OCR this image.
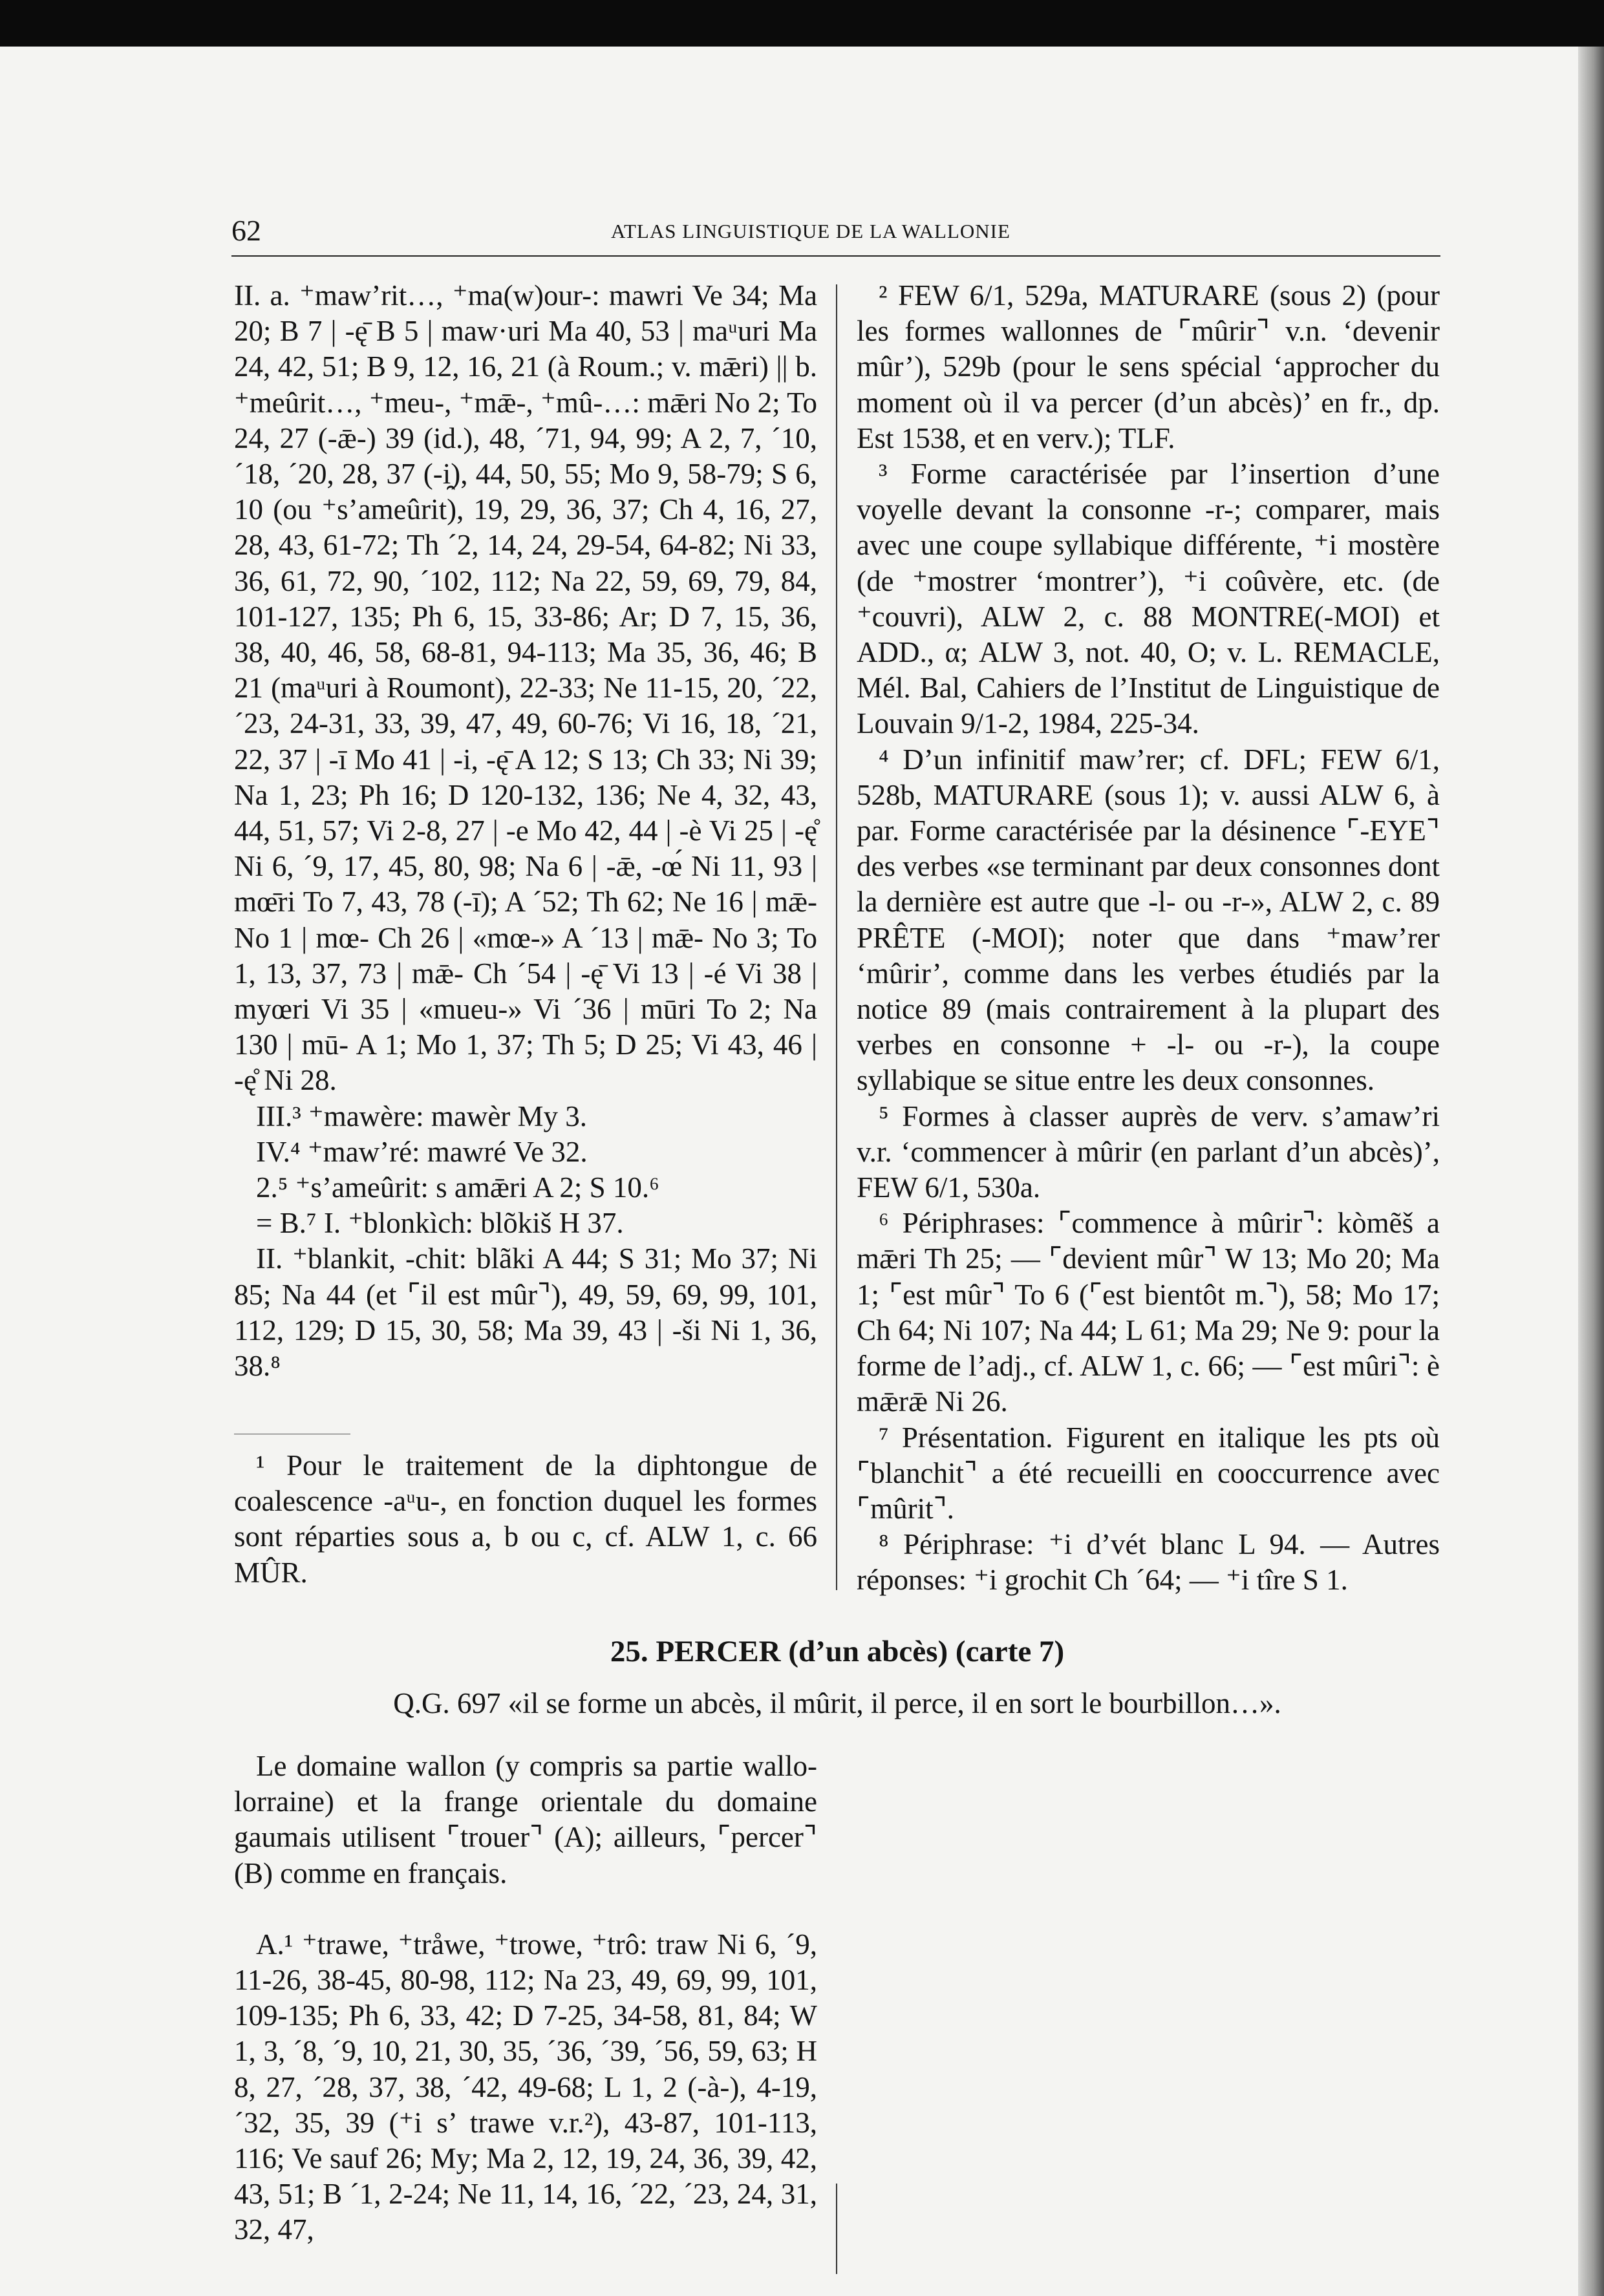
62	ATLAS LINGUISTIQUE DE LA WALLONIE

II. a. ⁺maw’rit…, ⁺ma(w)our-: mawri Ve 34; Ma 20; B 7 | -ę̄ B 5 | maw·uri Ma 40, 53 | maᵘuri Ma 24, 42, 51; B 9, 12, 16, 21 (à Roum.; v. mǣri) || b. ⁺meûrit…, ⁺meu-, ⁺mǣ-, ⁺mû-…: mǣri No 2; To 24, 27 (-ǣ-) 39 (id.), 48, ´71, 94, 99; A 2, 7, ´10, ´18, ´20, 28, 37 (-i̯), 44, 50, 55; Mo 9, 58-79; S 6, 10 (ou ⁺s’ameûrit), 19, 29, 36, 37; Ch 4, 16, 27, 28, 43, 61-72; Th ´2, 14, 24, 29-54, 64-82; Ni 33, 36, 61, 72, 90, ´102, 112; Na 22, 59, 69, 79, 84, 101-127, 135; Ph 6, 15, 33-86; Ar; D 7, 15, 36, 38, 40, 46, 58, 68-81, 94-113; Ma 35, 36, 46; B 21 (maᵘuri à Roumont), 22-33; Ne 11-15, 20, ´22, ´23, 24-31, 33, 39, 47, 49, 60-76; Vi 16, 18, ´21, 22, 37 | -ī Mo 41 | -i, -ę̄ A 12; S 13; Ch 33; Ni 39; Na 1, 23; Ph 16; D 120-132, 136; Ne 4, 32, 43, 44, 51, 57; Vi 2-8, 27 | -e Mo 42, 44 | -è Vi 25 | -ę̊ Ni 6, ´9, 17, 45, 80, 98; Na 6 | -ǣ, -œ́ Ni 11, 93 | mœ̄ri To 7, 43, 78 (-ī); A ´52; Th 62; Ne 16 | mǣ- No 1 | mœ- Ch 26 | «mœ-» A ´13 | mǣ- No 3; To 1, 13, 37, 73 | mǣ- Ch ´54 | -ę̄ Vi 13 | -é Vi 38 | myœri Vi 35 | «mueu-» Vi ´36 | mūri To 2; Na 130 | mū- A 1; Mo 1, 37; Th 5; D 25; Vi 43, 46 | -ę̊ Ni 28.

III.³ ⁺mawère: mawèr My 3.

IV.⁴ ⁺maw’ré: mawré Ve 32.

2.⁵ ⁺s’ameûrit: s amǣri A 2; S 10.⁶

= B.⁷ I. ⁺blonkìch: blõkiš H 37.

II. ⁺blankit, -chit: blãki A 44; S 31; Mo 37; Ni 85; Na 44 (et ⌜il est mûr⌝), 49, 59, 69, 99, 101, 112, 129; D 15, 30, 58; Ma 39, 43 | -ši Ni 1, 36, 38.⁸

¹ Pour le traitement de la diphtongue de coalescence -aᵘu-, en fonction duquel les formes sont réparties sous a, b ou c, cf. ALW 1, c. 66 MÛR.

² FEW 6/1, 529a, MATURARE (sous 2) (pour les formes wallonnes de ⌜mûrir⌝ v.n. ‘devenir mûr’), 529b (pour le sens spécial ‘approcher du moment où il va percer (d’un abcès)’ en fr., dp. Est 1538, et en verv.); TLF.

³ Forme caractérisée par l’insertion d’une voyelle devant la consonne -r-; comparer, mais avec une coupe syllabique différente, ⁺i mostère (de ⁺mostrer ‘montrer’), ⁺i coûvère, etc. (de ⁺couvri), ALW 2, c. 88 MONTRE(-MOI) et ADD., α; ALW 3, not. 40, O; v. L. REMACLE, Mél. Bal, Cahiers de l’Institut de Linguistique de Louvain 9/1-2, 1984, 225-34.

⁴ D’un infinitif maw’rer; cf. DFL; FEW 6/1, 528b, MATURARE (sous 1); v. aussi ALW 6, à par. Forme caractérisée par la désinence ⌜-EYE⌝ des verbes «se terminant par deux consonnes dont la dernière est autre que -l- ou -r-», ALW 2, c. 89 PRÊTE (-MOI); noter que dans ⁺maw’rer ‘mûrir’, comme dans les verbes étudiés par la notice 89 (mais contrairement à la plupart des verbes en consonne + -l- ou -r-), la coupe syllabique se situe entre les deux consonnes.

⁵ Formes à classer auprès de verv. s’amaw’ri v.r. ‘commencer à mûrir (en parlant d’un abcès)’, FEW 6/1, 530a.

⁶ Périphrases: ⌜commence à mûrir⌝: kòmẽš a mǣri Th 25; — ⌜devient mûr⌝ W 13; Mo 20; Ma 1; ⌜est mûr⌝ To 6 (⌜est bientôt m.⌝), 58; Mo 17; Ch 64; Ni 107; Na 44; L 61; Ma 29; Ne 9: pour la forme de l’adj., cf. ALW 1, c. 66; — ⌜est mûri⌝: è mǣrǣ Ni 26.

⁷ Présentation. Figurent en italique les pts où ⌜blanchit⌝ a été recueilli en cooccurrence avec ⌜mûrit⌝.

⁸ Périphrase: ⁺i d’vét blanc L 94. — Autres réponses: ⁺i grochit Ch ´64; — ⁺i tîre S 1.

25. PERCER (d’un abcès) (carte 7)
Q.G. 697 «il se forme un abcès, il mûrit, il perce, il en sort le bourbillon…».

Le domaine wallon (y compris sa partie wallo-lorraine) et la frange orientale du domaine gaumais utilisent ⌜trouer⌝ (A); ailleurs, ⌜percer⌝ (B) comme en français.

A.¹ ⁺trawe, ⁺tråwe, ⁺trowe, ⁺trô: traw Ni 6, ´9, 11-26, 38-45, 80-98, 112; Na 23, 49, 69, 99, 101, 109-135; Ph 6, 33, 42; D 7-25, 34-58, 81, 84; W 1, 3, ´8, ´9, 10, 21, 30, 35, ´36, ´39, ´56, 59, 63; H 8, 27, ´28, 37, 38, ´42, 49-68; L 1, 2 (-à-), 4-19, ´32, 35, 39 (⁺i s’ trawe v.r.²), 43-87, 101-113, 116; Ve sauf 26; My; Ma 2, 12, 19, 24, 36, 39, 42, 43, 51; B ´1, 2-24; Ne 11, 14, 16, ´22, ´23, 24, 31, 32, 47,
